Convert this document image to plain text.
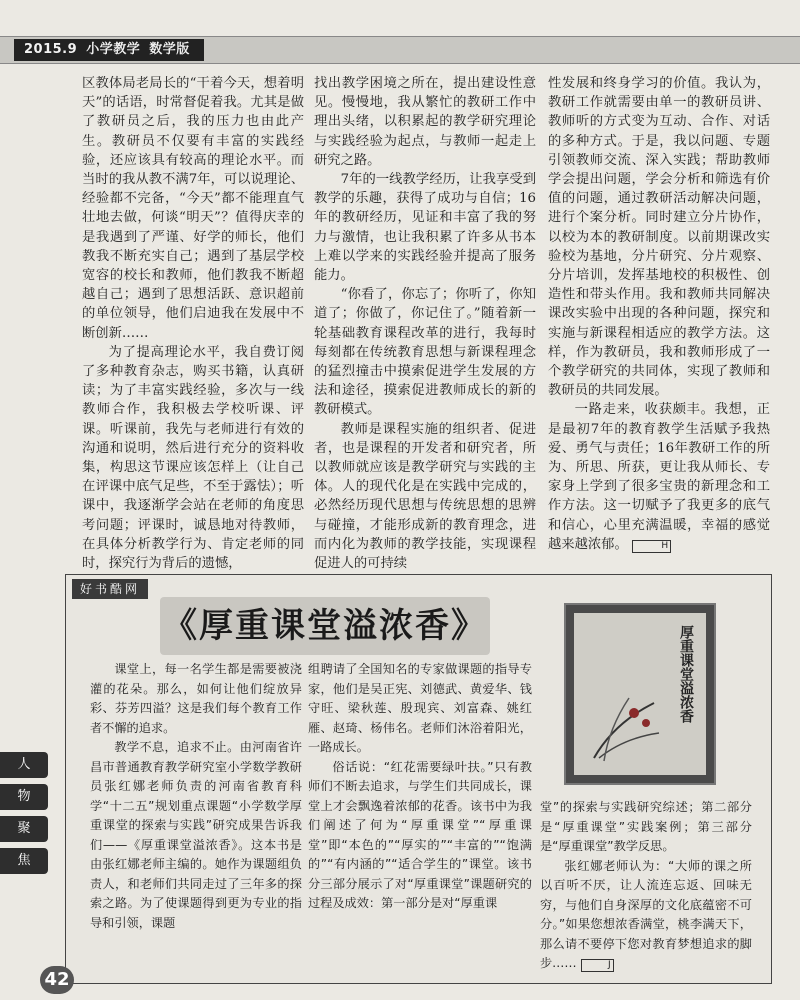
2015.9 小学教学 数学版

区教体局老局长的“干着今天，想着明天”的话语，时常督促着我。尤其是做了教研员之后，我的压力也由此产生。教研员不仅要有丰富的实践经验，还应该具有较高的理论水平。而当时的我从教不满7年，可以说理论、经验都不完备，“今天”都不能理直气壮地去做，何谈“明天”？值得庆幸的是我遇到了严谨、好学的师长，他们教我不断充实自己；遇到了基层学校宽容的校长和教师，他们教我不断超越自己；遇到了思想活跃、意识超前的单位领导，他们启迪我在发展中不断创新……

为了提高理论水平，我自费订阅了多种教育杂志，购买书籍，认真研读；为了丰富实践经验，多次与一线教师合作，我积极去学校听课、评课。听课前，我先与老师进行有效的沟通和说明，然后进行充分的资料收集，构思这节课应该怎样上（让自己在评课中底气足些，不至于露怯）；听课中，我逐渐学会站在老师的角度思考问题；评课时，诚恳地对待教师，在具体分析教学行为、肯定老师的同时，探究行为背后的遗憾，

找出教学困境之所在，提出建设性意见。慢慢地，我从繁忙的教研工作中理出头绪，以积累起的教学研究理论与实践经验为起点，与教师一起走上研究之路。

7年的一线教学经历，让我享受到教学的乐趣，获得了成功与自信；16年的教研经历，见证和丰富了我的努力与激情，也让我积累了许多从书本上难以学来的实践经验并提高了服务能力。

“你看了，你忘了；你听了，你知道了；你做了，你记住了。”随着新一轮基础教育课程改革的进行，我每时每刻都在传统教育思想与新课程理念的猛烈撞击中摸索促进学生发展的方法和途径，摸索促进教师成长的新的教研模式。

教师是课程实施的组织者、促进者，也是课程的开发者和研究者，所以教师就应该是教学研究与实践的主体。人的现代化是在实践中完成的，必然经历现代思想与传统思想的思辨与碰撞，才能形成新的教育理念，进而内化为教师的教学技能，实现课程促进人的可持续

性发展和终身学习的价值。我认为，教研工作就需要由单一的教研员讲、教师听的方式变为互动、合作、对话的多种方式。于是，我以问题、专题引领教师交流、深入实践；帮助教师学会提出问题，学会分析和筛选有价值的问题，通过教研活动解决问题，进行个案分析。同时建立分片协作，以校为本的教研制度。以前期课改实验校为基地，分片研究、分片观察、分片培训，发挥基地校的积极性、创造性和带头作用。我和教师共同解决课改实验中出现的各种问题，探究和实施与新课程相适应的教学方法。这样，作为教研员，我和教师形成了一个教学研究的共同体，实现了教师和教研员的共同发展。

一路走来，收获颇丰。我想，正是最初7年的教育教学生活赋予我热爱、勇气与责任；16年教研工作的所为、所思、所获，更让我从师长、专家身上学到了很多宝贵的新理念和工作方法。这一切赋予了我更多的底气和信心，心里充满温暖，幸福的感觉越来越浓郁。	H

好书酷网
《厚重课堂溢浓香》	厚重课堂溢浓香
人
物
聚
焦

课堂上，每一名学生都是需要被浇灌的花朵。那么，如何让他们绽放异彩、芬芳四溢？这是我们每个教育工作者不懈的追求。

教学不息，追求不止。由河南省许昌市普通教育教学研究室小学数学教研员张红娜老师负责的河南省教育科学“十二五”规划重点课题“小学数学厚重课堂的探索与实践”研究成果告诉我们——《厚重课堂溢浓香》。这本书是由张红娜老师主编的。她作为课题组负责人，和老师们共同走过了三年多的探索之路。为了使课题得到更为专业的指导和引领，课题

组聘请了全国知名的专家做课题的指导专家，他们是吴正宪、刘德武、黄爱华、钱守旺、梁秋莲、殷现宾、刘富森、姚红雁、赵琦、杨伟名。老师们沐浴着阳光，一路成长。

俗话说：“红花需要绿叶扶。”只有教师们不断去追求，与学生们共同成长，课堂上才会飘逸着浓郁的花香。该书中为我们阐述了何为“厚重课堂”“厚重课堂”即“本色的”“厚实的”“丰富的”“饱满的”“有内涵的”“适合学生的”课堂。该书分三部分展示了对“厚重课堂”课题研究的过程及成效：第一部分是对“厚重课

堂”的探索与实践研究综述；第二部分是“厚重课堂”实践案例；第三部分是“厚重课堂”教学反思。

张红娜老师认为：“大师的课之所以百听不厌，让人流连忘返、回味无穷，与他们自身深厚的文化底蕴密不可分。”如果您想浓香满堂，桃李满天下，那么请不要停下您对教育梦想追求的脚步……	J

42
